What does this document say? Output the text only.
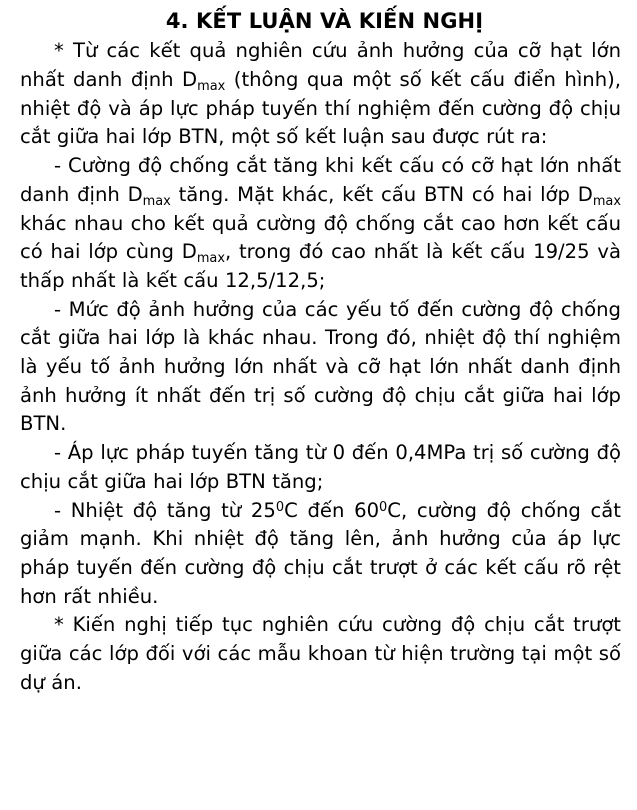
4. KẾT LUẬN VÀ KIẾN NGHỊ

* Từ các kết quả nghiên cứu ảnh hưởng của cỡ hạt lớn nhất danh định $D_{max}$ (thông qua một số kết cấu điển hình), nhiệt độ và áp lực pháp tuyến thí nghiệm đến cường độ chịu cắt giữa hai lớp BTN, một số kết luận sau được rút ra:

- Cường độ chống cắt tăng khi kết cấu có cỡ hạt lớn nhất danh định $D_{max}$ tăng. Mặt khác, kết cấu BTN có hai lớp $D_{max}$ khác nhau cho kết quả cường độ chống cắt cao hơn kết cấu có hai lớp cùng $D_{max}$, trong đó cao nhất là kết cấu 19/25 và thấp nhất là kết cấu 12,5/12,5;

- Mức độ ảnh hưởng của các yếu tố đến cường độ chống cắt giữa hai lớp là khác nhau. Trong đó, nhiệt độ thí nghiệm là yếu tố ảnh hưởng lớn nhất và cỡ hạt lớn nhất danh định ảnh hưởng ít nhất đến trị số cường độ chịu cắt giữa hai lớp BTN.

- Áp lực pháp tuyến tăng từ 0 đến 0,4MPa trị số cường độ chịu cắt giữa hai lớp BTN tăng;

- Nhiệt độ tăng từ $25^0C$ đến $60^0C$, cường độ chống cắt giảm mạnh. Khi nhiệt độ tăng lên, ảnh hưởng của áp lực pháp tuyến đến cường độ chịu cắt trượt ở các kết cấu rõ rệt hơn rất nhiều.

* Kiến nghị tiếp tục nghiên cứu cường độ chịu cắt trượt giữa các lớp đối với các mẫu khoan từ hiện trường tại một số dự án.
